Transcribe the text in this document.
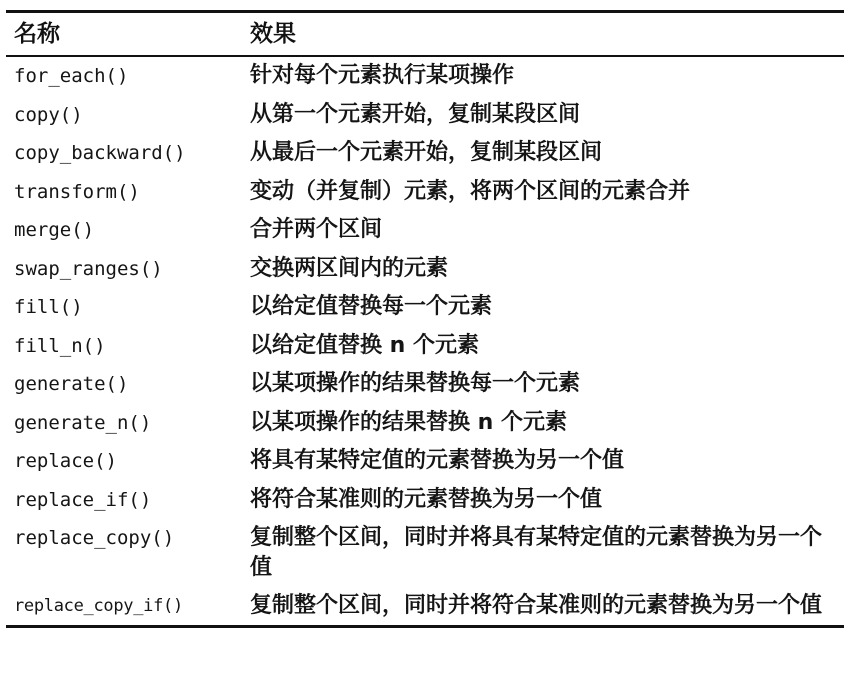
名称	效果
for_each()	针对每个元素执行某项操作
copy()	从第一个元素开始，复制某段区间
copy_backward()	从最后一个元素开始，复制某段区间
transform()	变动（并复制）元素，将两个区间的元素合并
merge()	合并两个区间
swap_ranges()	交换两区间内的元素
fill()	以给定值替换每一个元素
fill_n()	以给定值替换 n 个元素
generate()	以某项操作的结果替换每一个元素
generate_n()	以某项操作的结果替换 n 个元素
replace()	将具有某特定值的元素替换为另一个值
replace_if()	将符合某准则的元素替换为另一个值
replace_copy()	复制整个区间，同时并将具有某特定值的元素替换为另一个值
replace_copy_if()	复制整个区间，同时并将符合某准则的元素替换为另一个值
